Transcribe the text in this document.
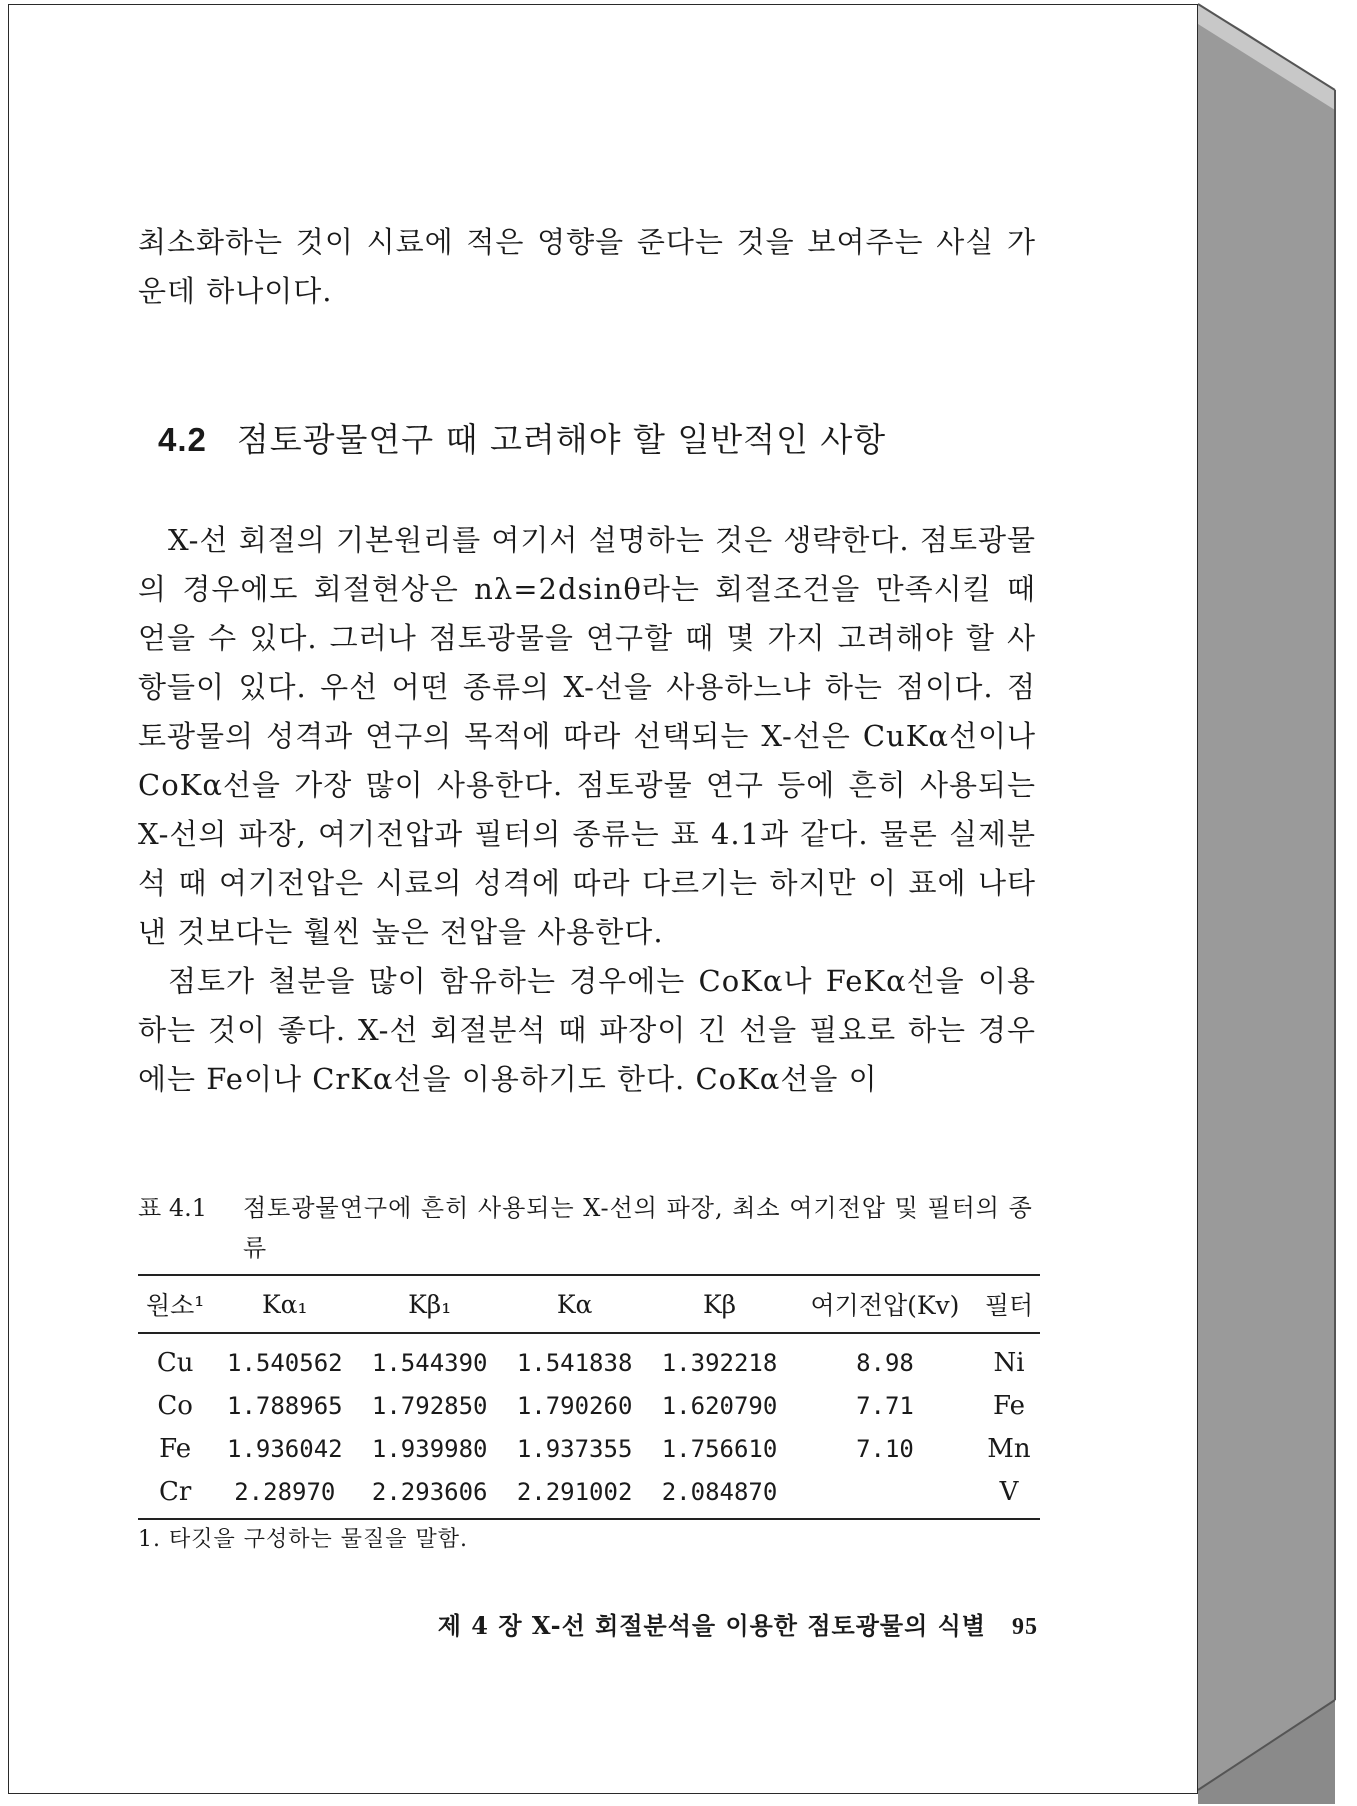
최소화하는 것이 시료에 적은 영향을 준다는 것을 보여주는 사실 가운데 하나이다.

4.2 점토광물연구 때 고려해야 할 일반적인 사항

X-선 회절의 기본원리를 여기서 설명하는 것은 생략한다. 점토광물의 경우에도 회절현상은 nλ=2dsinθ라는 회절조건을 만족시킬 때 얻을 수 있다. 그러나 점토광물을 연구할 때 몇 가지 고려해야 할 사항들이 있다. 우선 어떤 종류의 X-선을 사용하느냐 하는 점이다. 점토광물의 성격과 연구의 목적에 따라 선택되는 X-선은 CuKα선이나 CoKα선을 가장 많이 사용한다. 점토광물 연구 등에 흔히 사용되는 X-선의 파장, 여기전압과 필터의 종류는 표 4.1과 같다. 물론 실제분석 때 여기전압은 시료의 성격에 따라 다르기는 하지만 이 표에 나타낸 것보다는 훨씬 높은 전압을 사용한다.

점토가 철분을 많이 함유하는 경우에는 CoKα나 FeKα선을 이용하는 것이 좋다. X-선 회절분석 때 파장이 긴 선을 필요로 하는 경우에는 Fe이나 CrKα선을 이용하기도 한다. CoKα선을 이

표 4.1 점토광물연구에 흔히 사용되는 X-선의 파장, 최소 여기전압 및 필터의 종류
원소¹	Kα₁	Kβ₁	Kα	Kβ	여기전압(Kv)	필터
Cu	1.540562	1.544390	1.541838	1.392218	8.98	Ni
Co	1.788965	1.792850	1.790260	1.620790	7.71	Fe
Fe	1.936042	1.939980	1.937355	1.756610	7.10	Mn
Cr	2.28970	2.293606	2.291002	2.084870		V
1. 타깃을 구성하는 물질을 말함.
제 4 장 X-선 회절분석을 이용한 점토광물의 식별 95
